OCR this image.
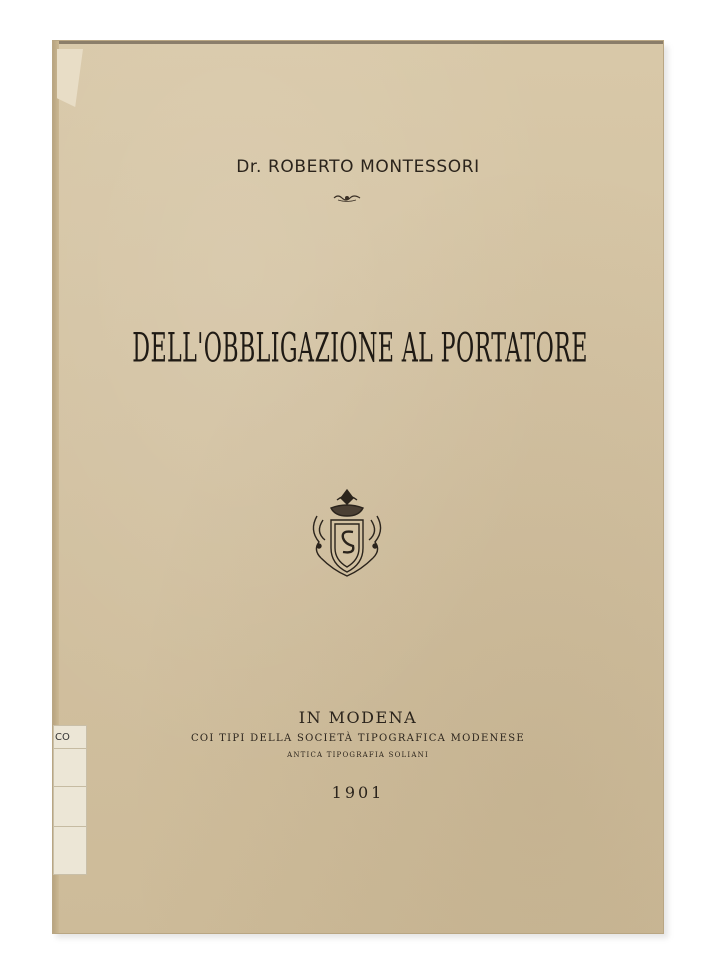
Dr. ROBERTO MONTESSORI
DELL'OBBLIGAZIONE AL PORTATORE
IN MODENA
COI TIPI DELLA SOCIETÀ TIPOGRAFICA MODENESE
ANTICA TIPOGRAFIA SOLIANI
1901
CO
